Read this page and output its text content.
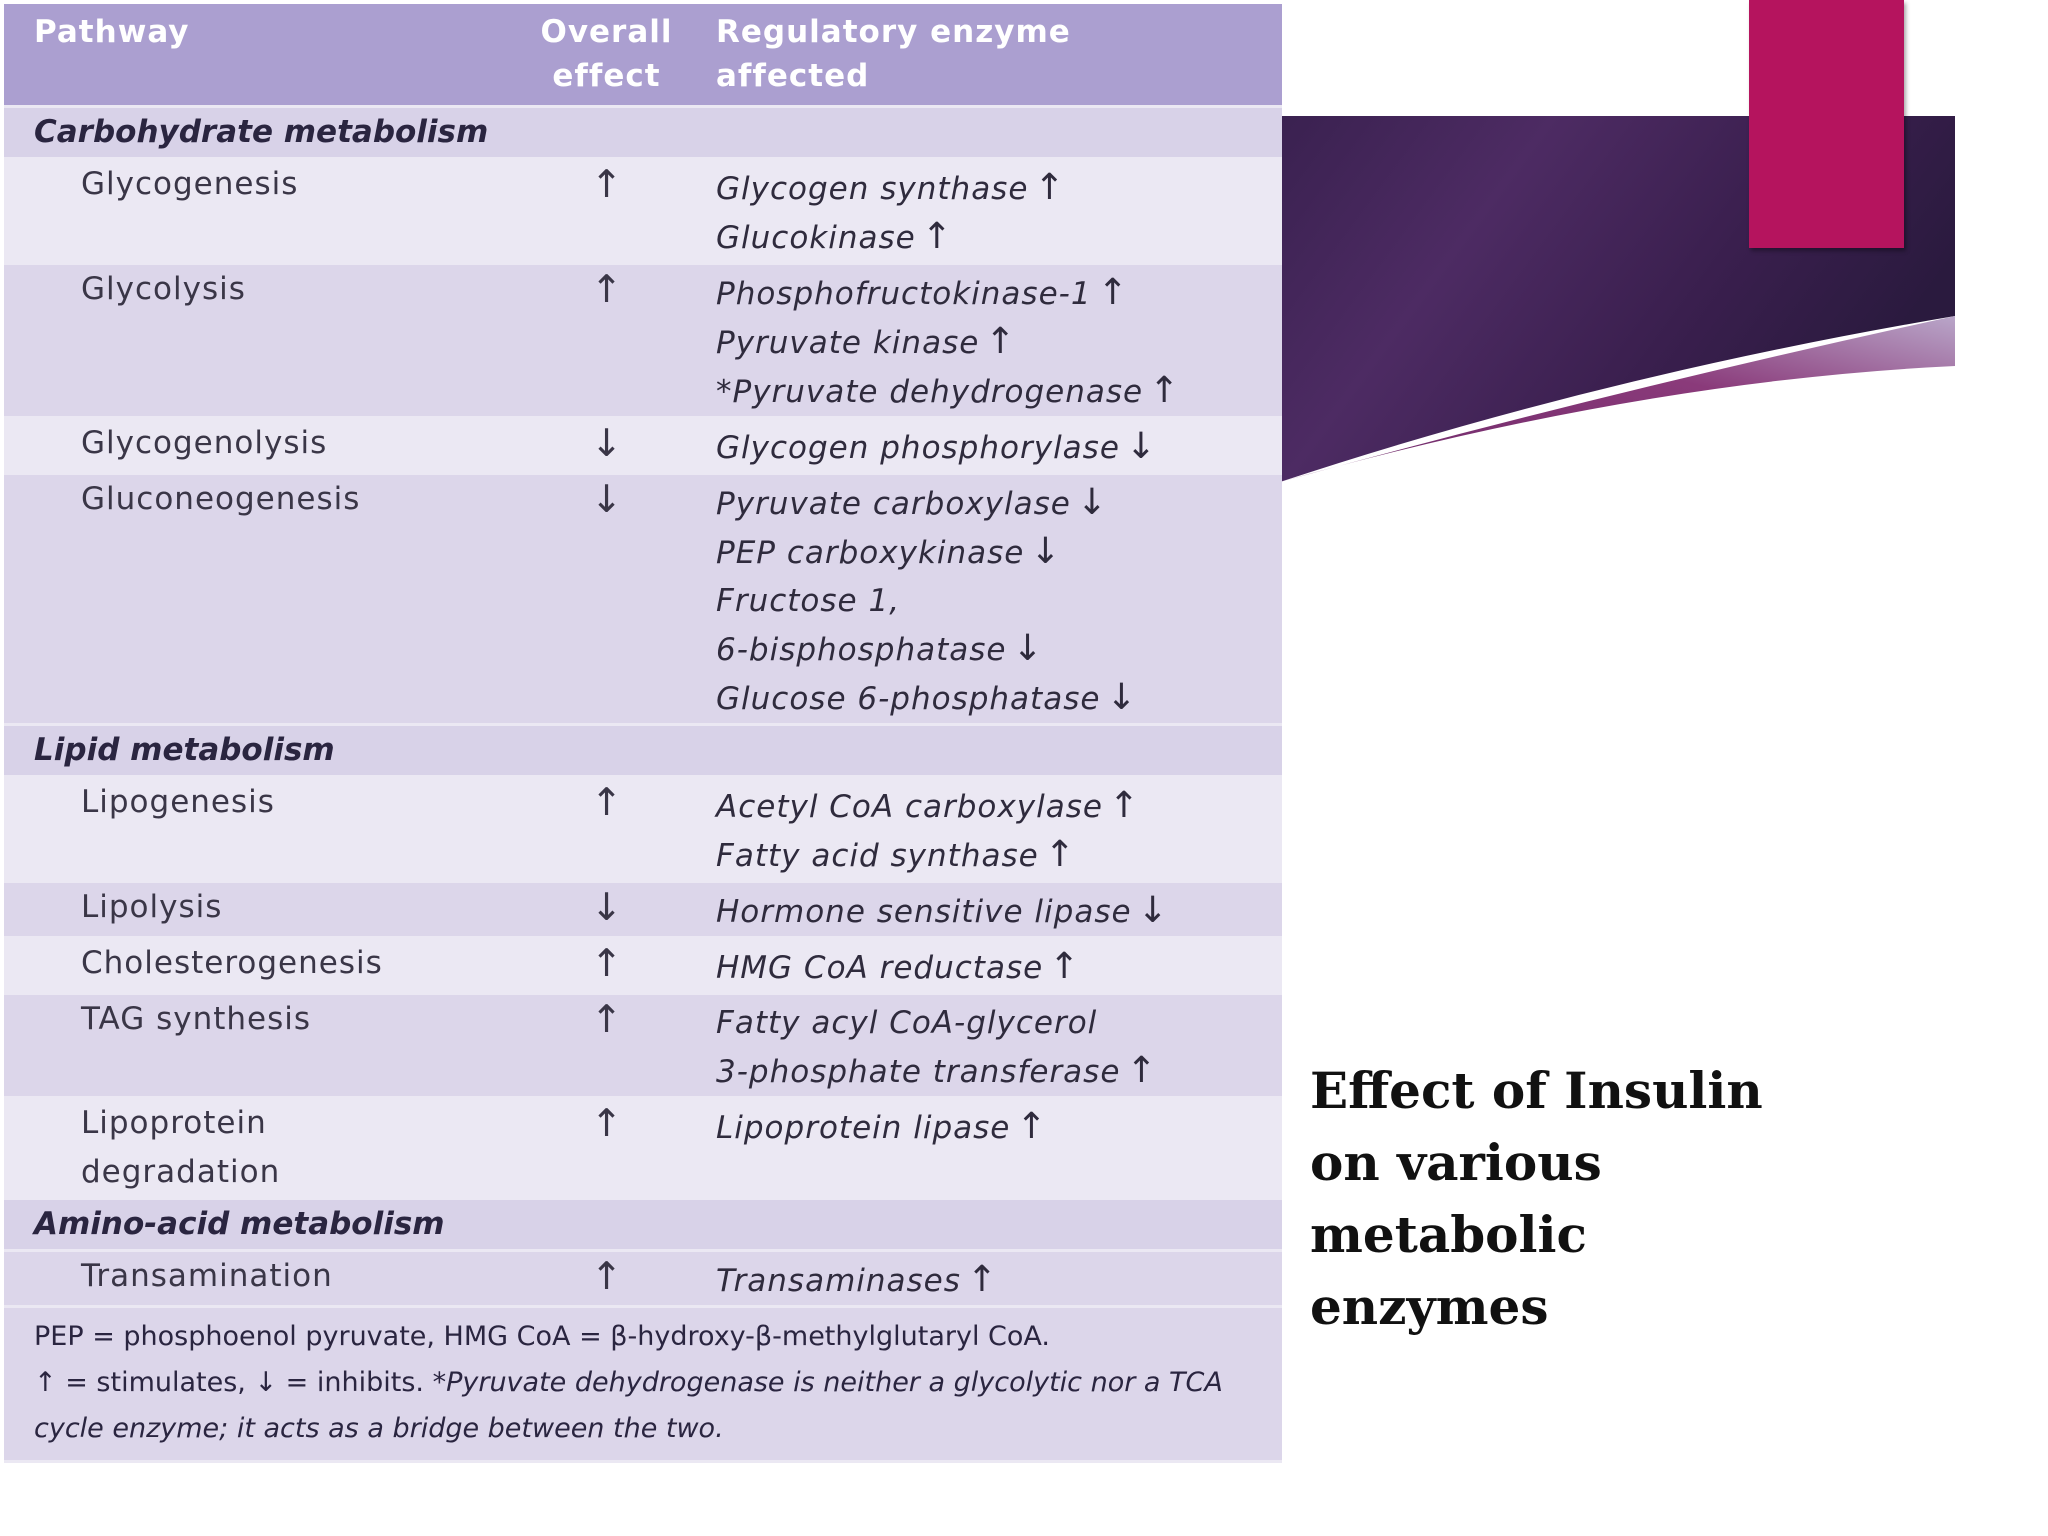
Pathway	Overall effect	Regulatory enzyme affected
Carbohydrate metabolism		
Glycogenesis	↑	Glycogen synthase ↑
Glucokinase ↑

Glycolysis	↑	Phosphofructokinase-1 ↑
Pyruvate kinase ↑
*Pyruvate dehydrogenase ↑

Glycogenolysis	↓	Glycogen phosphorylase ↓

Gluconeogenesis	↓	Pyruvate carboxylase ↓
PEP carboxykinase ↓
Fructose 1,
6-bisphosphatase ↓
Glucose 6-phosphatase ↓

Lipid metabolism		
Lipogenesis	↑	Acetyl CoA carboxylase ↑
Fatty acid synthase ↑

Lipolysis	↓	Hormone sensitive lipase ↓

Cholesterogenesis	↑	HMG CoA reductase ↑

TAG synthesis	↑	Fatty acyl CoA-glycerol
3-phosphate transferase ↑

Lipoprotein degradation	↑	Lipoprotein lipase ↑

Amino-acid metabolism		
Transamination	↑	Transaminases ↑

PEP = phosphoenol pyruvate, HMG CoA = β-hydroxy-β-methylglutaryl CoA.
↑ = stimulates, ↓ = inhibits. *Pyruvate dehydrogenase is neither a glycolytic nor a TCA cycle enzyme; it acts as a bridge between the two.		
Effect of Insulin on various metabolic enzymes
